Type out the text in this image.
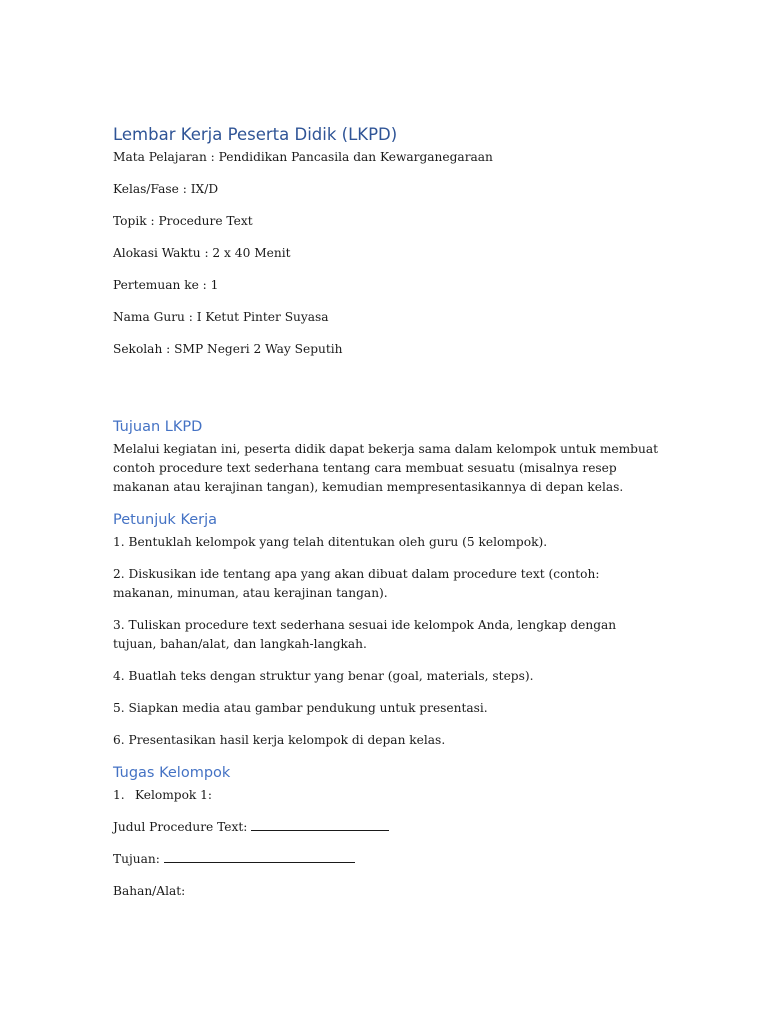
Lembar Kerja Peserta Didik (LKPD)

Mata Pelajaran : Pendidikan Pancasila dan Kewarganegaraan

Kelas/Fase : IX/D

Topik : Procedure Text

Alokasi Waktu : 2 x 40 Menit

Pertemuan ke : 1

Nama Guru : I Ketut Pinter Suyasa

Sekolah : SMP Negeri 2 Way Seputih

Tujuan LKPD

Melalui kegiatan ini, peserta didik dapat bekerja sama dalam kelompok untuk membuat contoh procedure text sederhana tentang cara membuat sesuatu (misalnya resep makanan atau kerajinan tangan), kemudian mempresentasikannya di depan kelas.

Petunjuk Kerja

1. Bentuklah kelompok yang telah ditentukan oleh guru (5 kelompok).

2. Diskusikan ide tentang apa yang akan dibuat dalam procedure text (contoh: makanan, minuman, atau kerajinan tangan).

3. Tuliskan procedure text sederhana sesuai ide kelompok Anda, lengkap dengan tujuan, bahan/alat, dan langkah-langkah.

4. Buatlah teks dengan struktur yang benar (goal, materials, steps).

5. Siapkan media atau gambar pendukung untuk presentasi.

6. Presentasikan hasil kerja kelompok di depan kelas.

Tugas Kelompok

1. Kelompok 1:

Judul Procedure Text:

Tujuan:

Bahan/Alat:
